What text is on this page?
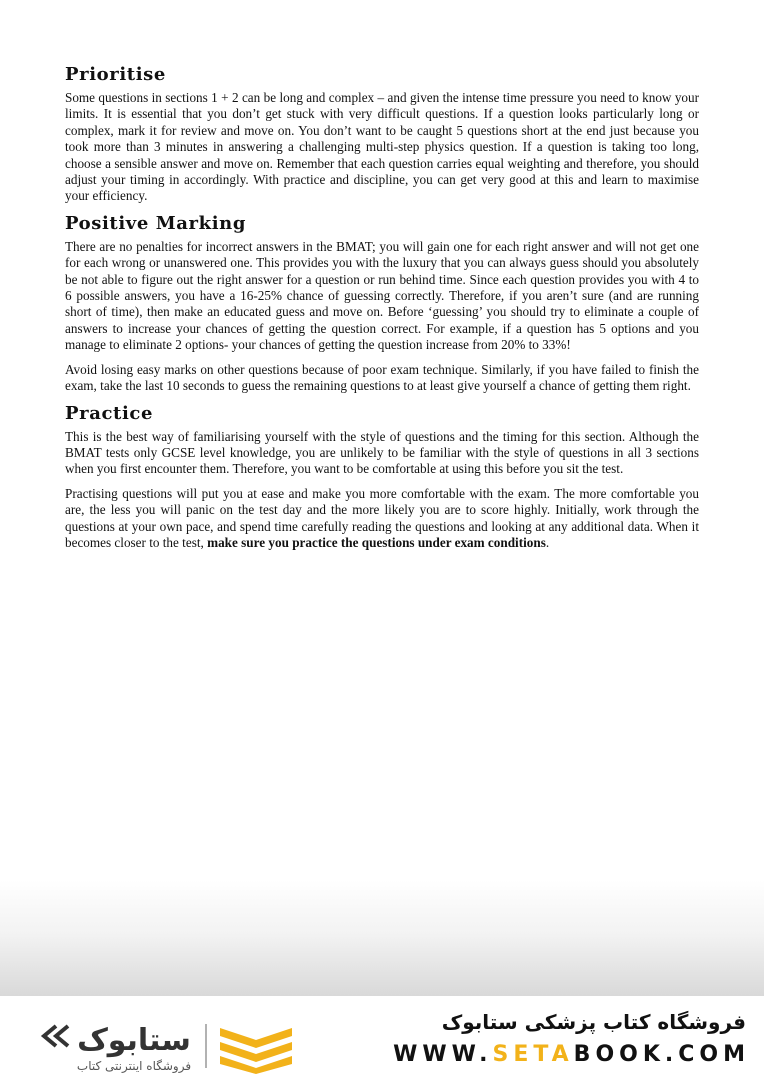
Prioritise

Some questions in sections 1 + 2 can be long and complex – and given the intense time pressure you need to know your limits. It is essential that you don’t get stuck with very difficult questions. If a question looks particularly long or complex, mark it for review and move on. You don’t want to be caught 5 questions short at the end just because you took more than 3 minutes in answering a challenging multi-step physics question. If a question is taking too long, choose a sensible answer and move on. Remember that each question carries equal weighting and therefore, you should adjust your timing in accordingly. With practice and discipline, you can get very good at this and learn to maximise your efficiency.

Positive Marking

There are no penalties for incorrect answers in the BMAT; you will gain one for each right answer and will not get one for each wrong or unanswered one. This provides you with the luxury that you can always guess should you absolutely be not able to figure out the right answer for a question or run behind time. Since each question provides you with 4 to 6 possible answers, you have a 16-25% chance of guessing correctly. Therefore, if you aren’t sure (and are running short of time), then make an educated guess and move on. Before ‘guessing’ you should try to eliminate a couple of answers to increase your chances of getting the question correct. For example, if a question has 5 options and you manage to eliminate 2 options- your chances of getting the question increase from 20% to 33%!

Avoid losing easy marks on other questions because of poor exam technique. Similarly, if you have failed to finish the exam, take the last 10 seconds to guess the remaining questions to at least give yourself a chance of getting them right.

Practice

This is the best way of familiarising yourself with the style of questions and the timing for this section. Although the BMAT tests only GCSE level knowledge, you are unlikely to be familiar with the style of questions in all 3 sections when you first encounter them. Therefore, you want to be comfortable at using this before you sit the test.

Practising questions will put you at ease and make you more comfortable with the exam. The more comfortable you are, the less you will panic on the test day and the more likely you are to score highly. Initially, work through the questions at your own pace, and spend time carefully reading the questions and looking at any additional data. When it becomes closer to the test, make sure you practice the questions under exam conditions.

ستابوک
فروشگاه اینترنتی کتاب
فروشگاه کتاب پزشکی ستابوک
WWW.SETABOOK.COM
